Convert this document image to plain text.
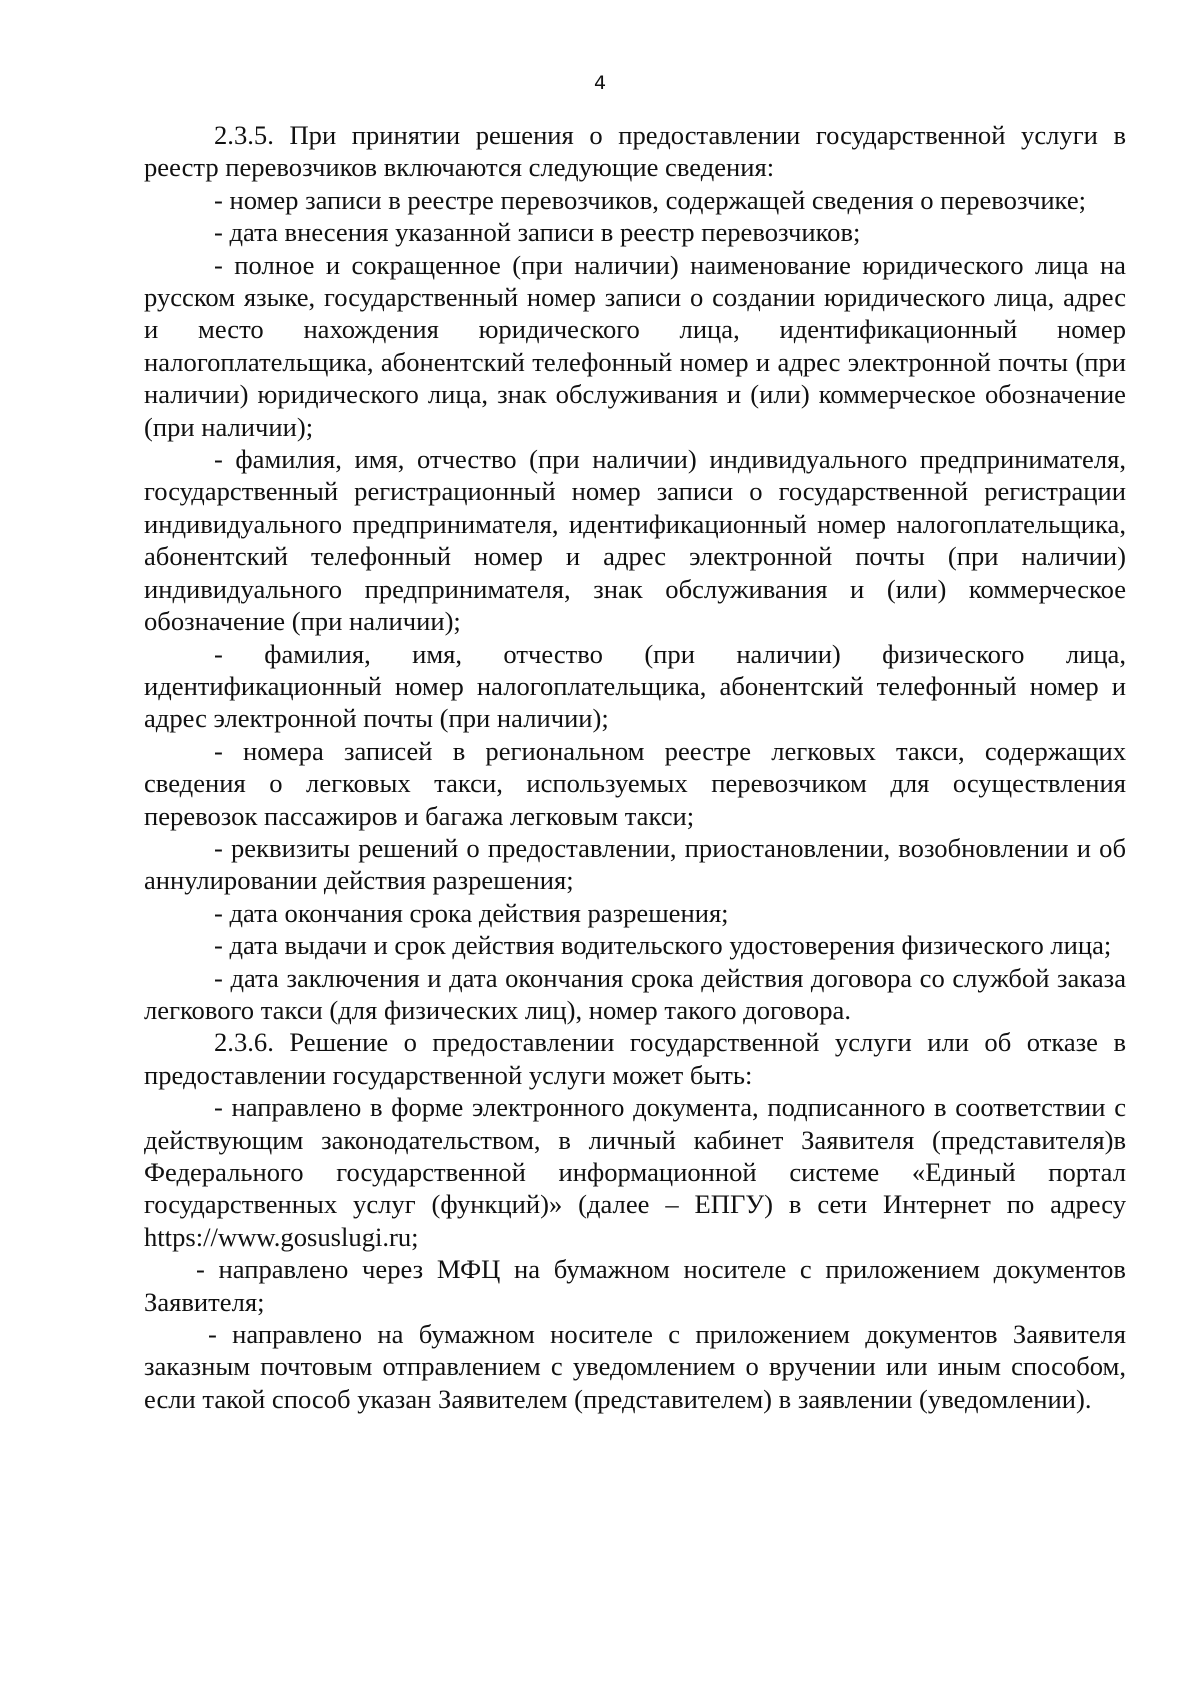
4

2.3.5. При принятии решения о предоставлении государственной услуги в реестр перевозчиков включаются следующие сведения:

- номер записи в реестре перевозчиков, содержащей сведения о перевозчике;

- дата внесения указанной записи в реестр перевозчиков;

- полное и сокращенное (при наличии) наименование юридического лица на русском языке, государственный номер записи о создании юридического лица, адрес и место нахождения юридического лица, идентификационный номер налогоплательщика, абонентский телефонный номер и адрес электронной почты (при наличии) юридического лица, знак обслуживания и (или) коммерческое обозначение (при наличии);

- фамилия, имя, отчество (при наличии) индивидуального предпринимателя, государственный регистрационный номер записи о государственной регистрации индивидуального предпринимателя, идентификационный номер налогоплательщика, абонентский телефонный номер и адрес электронной почты (при наличии) индивидуального предпринимателя, знак обслуживания и (или) коммерческое обозначение (при наличии);

- фамилия, имя, отчество (при наличии) физического лица, идентификационный номер налогоплательщика, абонентский телефонный номер и адрес электронной почты (при наличии);

- номера записей в региональном реестре легковых такси, содержащих сведения о легковых такси, используемых перевозчиком для осуществления перевозок пассажиров и багажа легковым такси;

- реквизиты решений о предоставлении, приостановлении, возобновлении и об аннулировании действия разрешения;

- дата окончания срока действия разрешения;

- дата выдачи и срок действия водительского удостоверения физического лица;

- дата заключения и дата окончания срока действия договора со службой заказа легкового такси (для физических лиц), номер такого договора.

2.3.6. Решение о предоставлении государственной услуги или об отказе в предоставлении государственной услуги может быть:

- направлено в форме электронного документа, подписанного в соответствии с действующим законодательством, в личный кабинет Заявителя (представителя)в Федерального государственной информационной системе «Единый портал государственных услуг (функций)» (далее – ЕПГУ) в сети Интернет по адресу https://www.gosuslugi.ru;

- направлено через МФЦ на бумажном носителе с приложением документов Заявителя;

- направлено на бумажном носителе с приложением документов Заявителя заказным почтовым отправлением с уведомлением о вручении или иным способом, если такой способ указан Заявителем (представителем) в заявлении (уведомлении).
